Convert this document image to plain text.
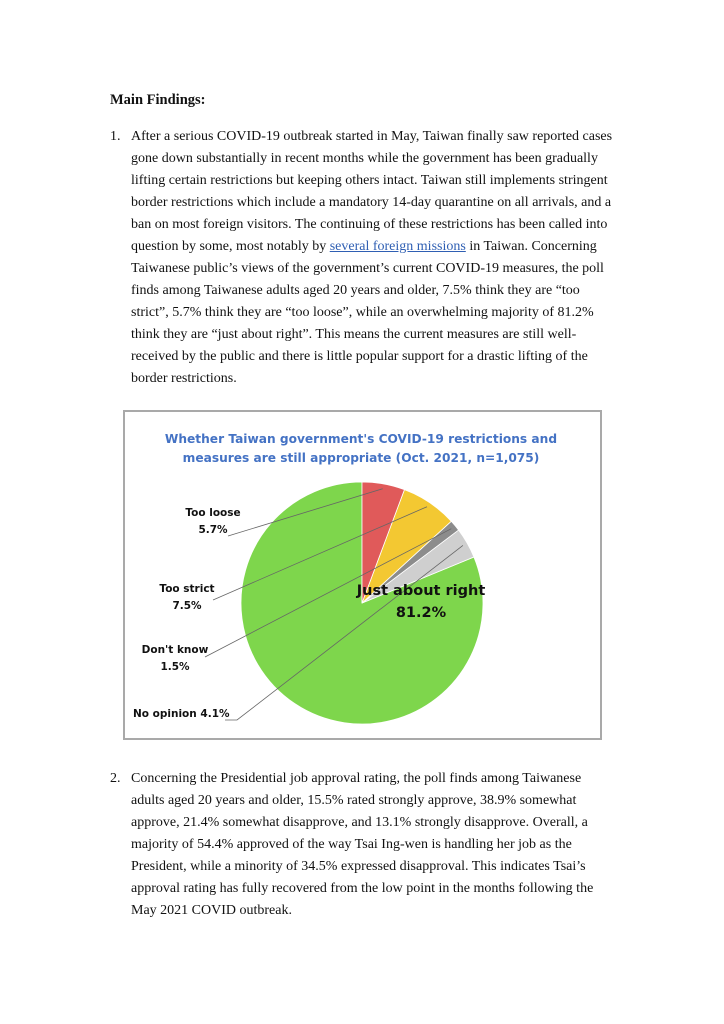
Main Findings:
1. After a serious COVID-19 outbreak started in May, Taiwan finally saw reported cases gone down substantially in recent months while the government has been gradually lifting certain restrictions but keeping others intact. Taiwan still implements stringent border restrictions which include a mandatory 14-day quarantine on all arrivals, and a ban on most foreign visitors. The continuing of these restrictions has been called into question by some, most notably by several foreign missions in Taiwan. Concerning Taiwanese public’s views of the government’s current COVID-19 measures, the poll finds among Taiwanese adults aged 20 years and older, 7.5% think they are “too strict”, 5.7% think they are “too loose”, while an overwhelming majority of 81.2% think they are “just about right”. This means the current measures are still well-received by the public and there is little popular support for a drastic lifting of the border restrictions.
Whether Taiwan government's COVID-19 restrictions and
measures are still appropriate (Oct. 2021, n=1,075)
Just about right
81.2%
Too loose
5.7%
Too strict
7.5%
Don't know
1.5%
No opinion 4.1%
2. Concerning the Presidential job approval rating, the poll finds among Taiwanese adults aged 20 years and older, 15.5% rated strongly approve, 38.9% somewhat approve, 21.4% somewhat disapprove, and 13.1% strongly disapprove. Overall, a majority of 54.4% approved of the way Tsai Ing-wen is handling her job as the President, while a minority of 34.5% expressed disapproval. This indicates Tsai’s approval rating has fully recovered from the low point in the months following the May 2021 COVID outbreak.
